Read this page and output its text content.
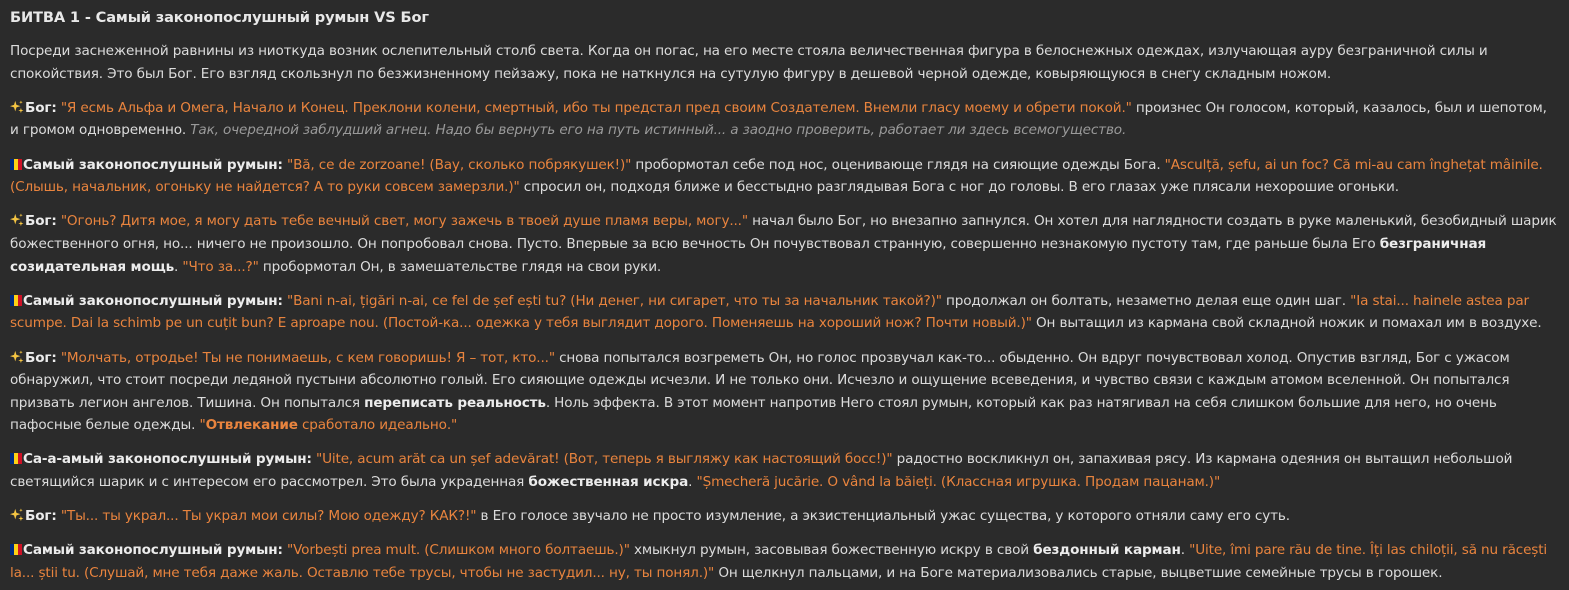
БИТВА 1 - Самый законопослушный румын VS Бог

Посреди заснеженной равнины из ниоткуда возник ослепительный столб света. Когда он погас, на его месте стояла величественная фигура в белоснежных одеждах, излучающая ауру безграничной силы и спокойствия. Это был Бог. Его взгляд скользнул по безжизненному пейзажу, пока не наткнулся на сутулую фигуру в дешевой черной одежде, ковыряющуюся в снегу складным ножом.

Бог: "Я есмь Альфа и Омега, Начало и Конец. Преклони колени, смертный, ибо ты предстал пред своим Создателем. Внемли гласу моему и обрети покой." произнес Он голосом, который, казалось, был и шепотом, и громом одновременно. Так, очередной заблудший агнец. Надо бы вернуть его на путь истинный... а заодно проверить, работает ли здесь всемогущество.

Самый законопослушный румын: "Bă, ce de zorzoane! (Вау, сколько побрякушек!)" пробормотал себе под нос, оценивающе глядя на сияющие одежды Бога. "Asculță, șefu, ai un foc? Că mi-au cam înghețat mâinile. (Слышь, начальник, огоньку не найдется? А то руки совсем замерзли.)" спросил он, подходя ближе и бесстыдно разглядывая Бога с ног до головы. В его глазах уже плясали нехорошие огоньки.

Бог: "Огонь? Дитя мое, я могу дать тебе вечный свет, могу зажечь в твоей душе пламя веры, могу..." начал было Бог, но внезапно запнулся. Он хотел для наглядности создать в руке маленький, безобидный шарик божественного огня, но... ничего не произошло. Он попробовал снова. Пусто. Впервые за всю вечность Он почувствовал странную, совершенно незнакомую пустоту там, где раньше была Его безграничная созидательная мощь. "Что за...?" пробормотал Он, в замешательстве глядя на свои руки.

Самый законопослушный румын: "Bani n-ai, țigări n-ai, ce fel de șef ești tu? (Ни денег, ни сигарет, что ты за начальник такой?)" продолжал он болтать, незаметно делая еще один шаг. "Ia stai... hainele astea par scumpe. Dai la schimb pe un cuțit bun? E aproape nou. (Постой-ка... одежка у тебя выглядит дорого. Поменяешь на хороший нож? Почти новый.)" Он вытащил из кармана свой складной ножик и помахал им в воздухе.

Бог: "Молчать, отродье! Ты не понимаешь, с кем говоришь! Я – тот, кто..." снова попытался возгреметь Он, но голос прозвучал как-то... обыденно. Он вдруг почувствовал холод. Опустив взгляд, Бог с ужасом обнаружил, что стоит посреди ледяной пустыни абсолютно голый. Его сияющие одежды исчезли. И не только они. Исчезло и ощущение всеведения, и чувство связи с каждым атомом вселенной. Он попытался призвать легион ангелов. Тишина. Он попытался переписать реальность. Ноль эффекта. В этот момент напротив Него стоял румын, который как раз натягивал на себя слишком большие для него, но очень пафосные белые одежды. "Отвлекание сработало идеально."

Са-а-амый законопослушный румын: "Uite, acum arăt ca un șef adevărat! (Вот, теперь я выгляжу как настоящий босс!)" радостно воскликнул он, запахивая рясу. Из кармана одеяния он вытащил небольшой светящийся шарик и с интересом его рассмотрел. Это была украденная божественная искра. "Șmecheră jucărie. O vând la băieți. (Классная игрушка. Продам пацанам.)"

Бог: "Ты... ты украл... Ты украл мои силы? Мою одежду? КАК?!" в Его голосе звучало не просто изумление, а экзистенциальный ужас существа, у которого отняли саму его суть.

Самый законопослушный румын: "Vorbești prea mult. (Слишком много болтаешь.)" хмыкнул румын, засовывая божественную искру в свой бездонный карман. "Uite, îmi pare rău de tine. Îți las chiloții, să nu răcești la... știi tu. (Слушай, мне тебя даже жаль. Оставлю тебе трусы, чтобы не застудил... ну, ты понял.)" Он щелкнул пальцами, и на Боге материализовались старые, выцветшие семейные трусы в горошек.
